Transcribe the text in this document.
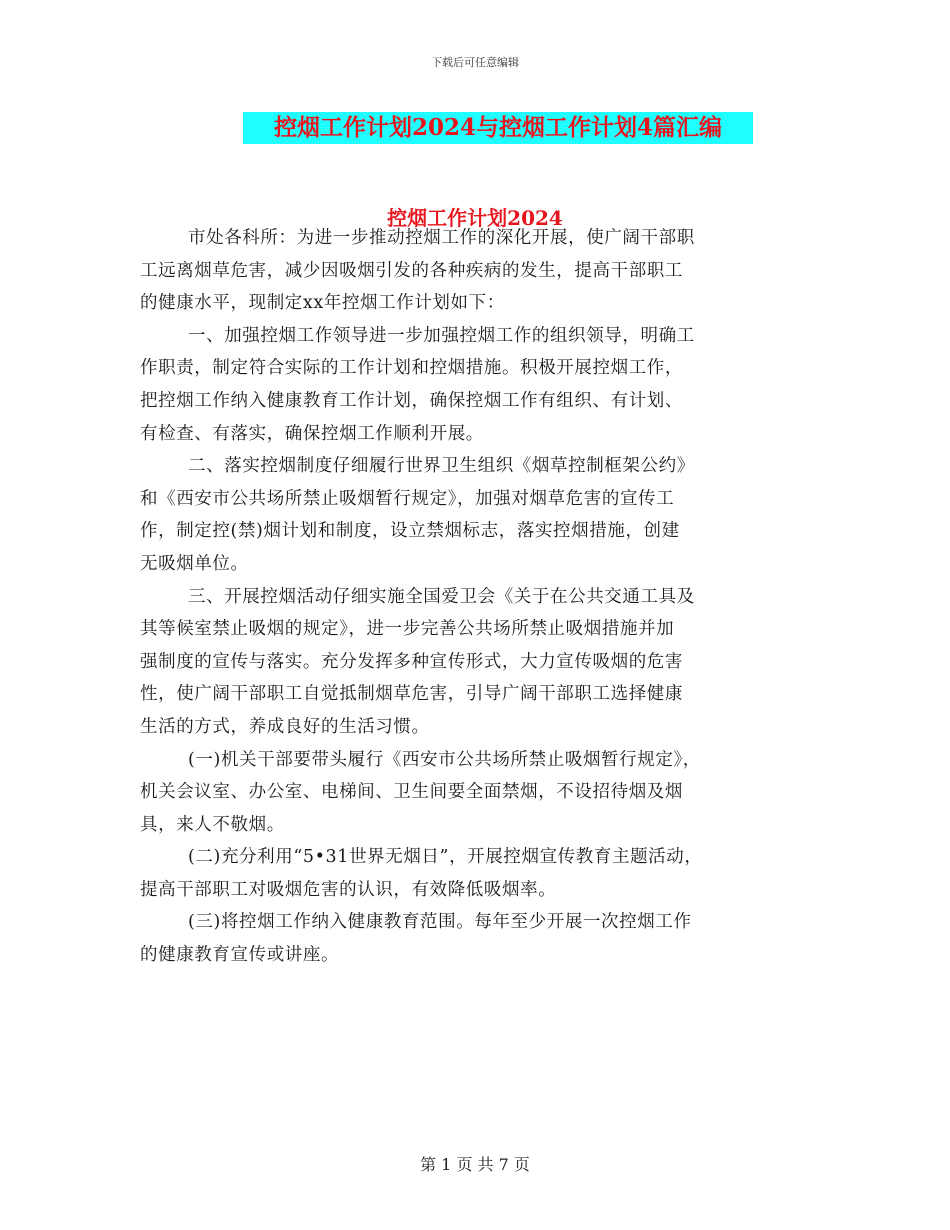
下载后可任意编辑
控烟工作计划2024与控烟工作计划4篇汇编
控烟工作计划2024
市处各科所：为进一步推动控烟工作的深化开展，使广阔干部职
工远离烟草危害，减少因吸烟引发的各种疾病的发生，提高干部职工
的健康水平，现制定xx年控烟工作计划如下：
一、加强控烟工作领导进一步加强控烟工作的组织领导，明确工
作职责，制定符合实际的工作计划和控烟措施。积极开展控烟工作，
把控烟工作纳入健康教育工作计划，确保控烟工作有组织、有计划、
有检查、有落实，确保控烟工作顺利开展。
二、落实控烟制度仔细履行世界卫生组织《烟草控制框架公约》
和《西安市公共场所禁止吸烟暂行规定》，加强对烟草危害的宣传工
作，制定控(禁)烟计划和制度，设立禁烟标志，落实控烟措施，创建
无吸烟单位。
三、开展控烟活动仔细实施全国爱卫会《关于在公共交通工具及
其等候室禁止吸烟的规定》，进一步完善公共场所禁止吸烟措施并加
强制度的宣传与落实。充分发挥多种宣传形式，大力宣传吸烟的危害
性，使广阔干部职工自觉抵制烟草危害，引导广阔干部职工选择健康
生活的方式，养成良好的生活习惯。
(一)机关干部要带头履行《西安市公共场所禁止吸烟暂行规定》，
机关会议室、办公室、电梯间、卫生间要全面禁烟，不设招待烟及烟
具，来人不敬烟。
(二)充分利用“5•31世界无烟日”，开展控烟宣传教育主题活动，
提高干部职工对吸烟危害的认识，有效降低吸烟率。
(三)将控烟工作纳入健康教育范围。每年至少开展一次控烟工作
的健康教育宣传或讲座。
第 1 页 共 7 页
